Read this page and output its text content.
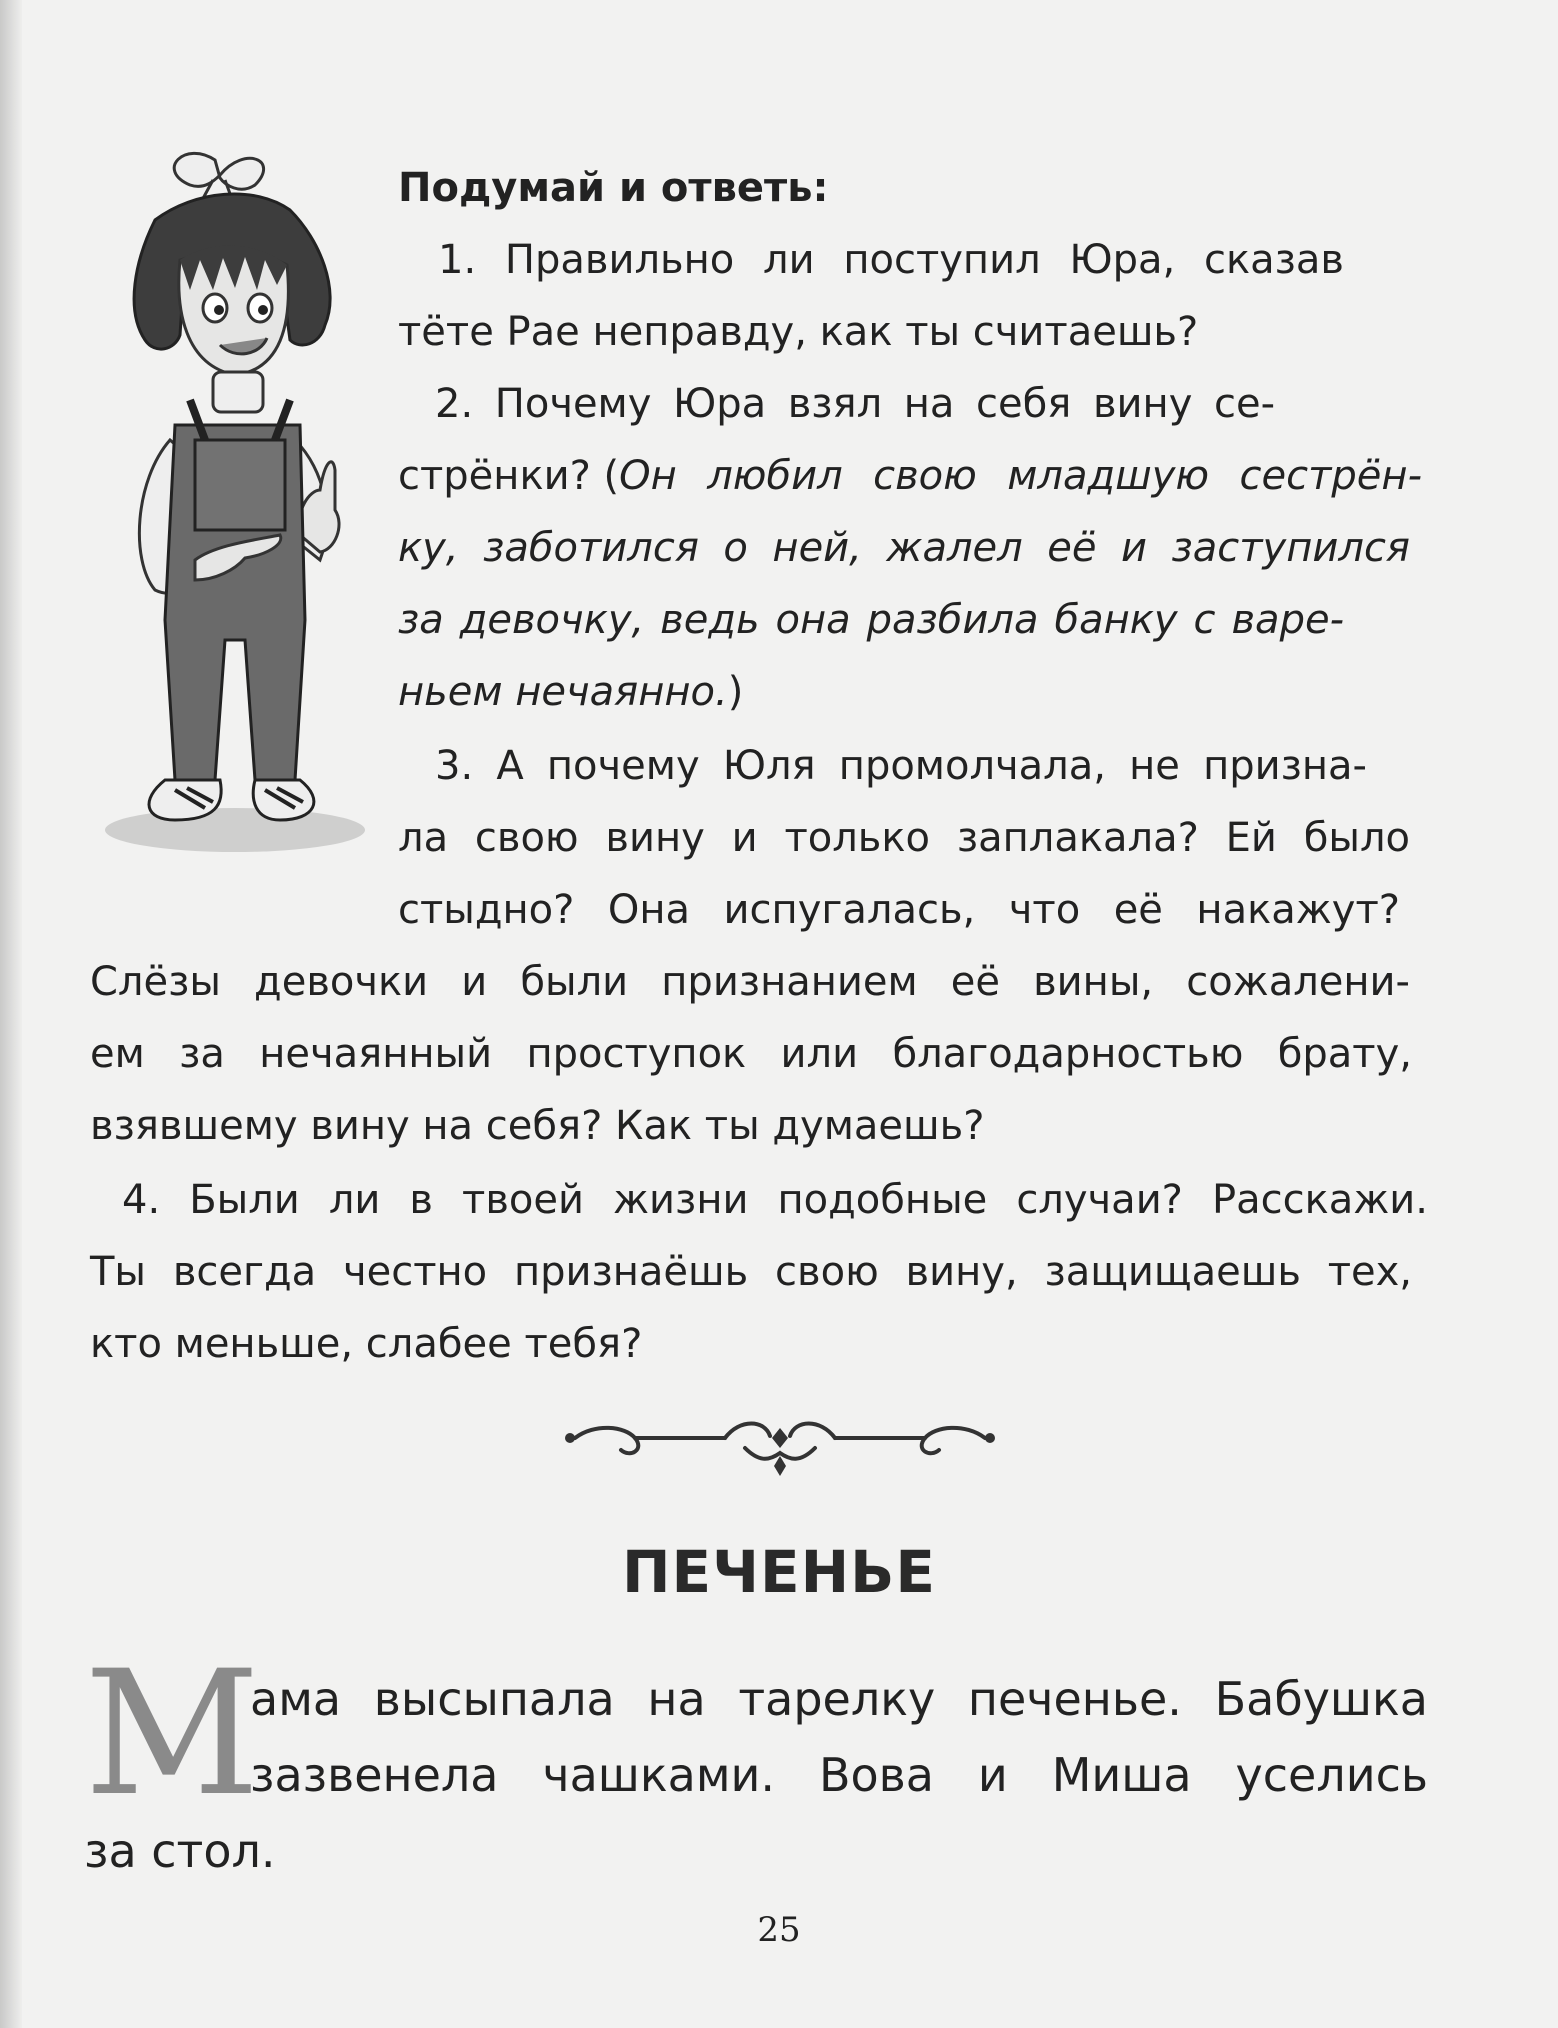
Подумай и ответь:
1. Правильно ли поступил Юра, сказав
тёте Рае неправду, как ты считаешь?
2. Почему Юра взял на себя вину се-
стрёнки? ( Он любил свою младшую сестрён-
ку, заботился о ней, жалел её и заступился
за девочку, ведь она разбила банку с варе-
ньем нечаянно.)
3. А почему Юля промолчала, не призна-
ла свою вину и только заплакала? Ей было
стыдно? Она испугалась, что её накажут?
Слёзы девочки и были признанием её вины, сожалени-
ем за нечаянный проступок или благодарностью брату,
взявшему вину на себя? Как ты думаешь?
4. Были ли в твоей жизни подобные случаи? Расскажи.
Ты всегда честно признаёшь свою вину, защищаешь тех,
кто меньше, слабее тебя?
ПЕЧЕНЬЕ
М
ама высыпала на тарелку печенье. Бабушка
зазвенела чашками. Вова и Миша уселись
за стол.
25
